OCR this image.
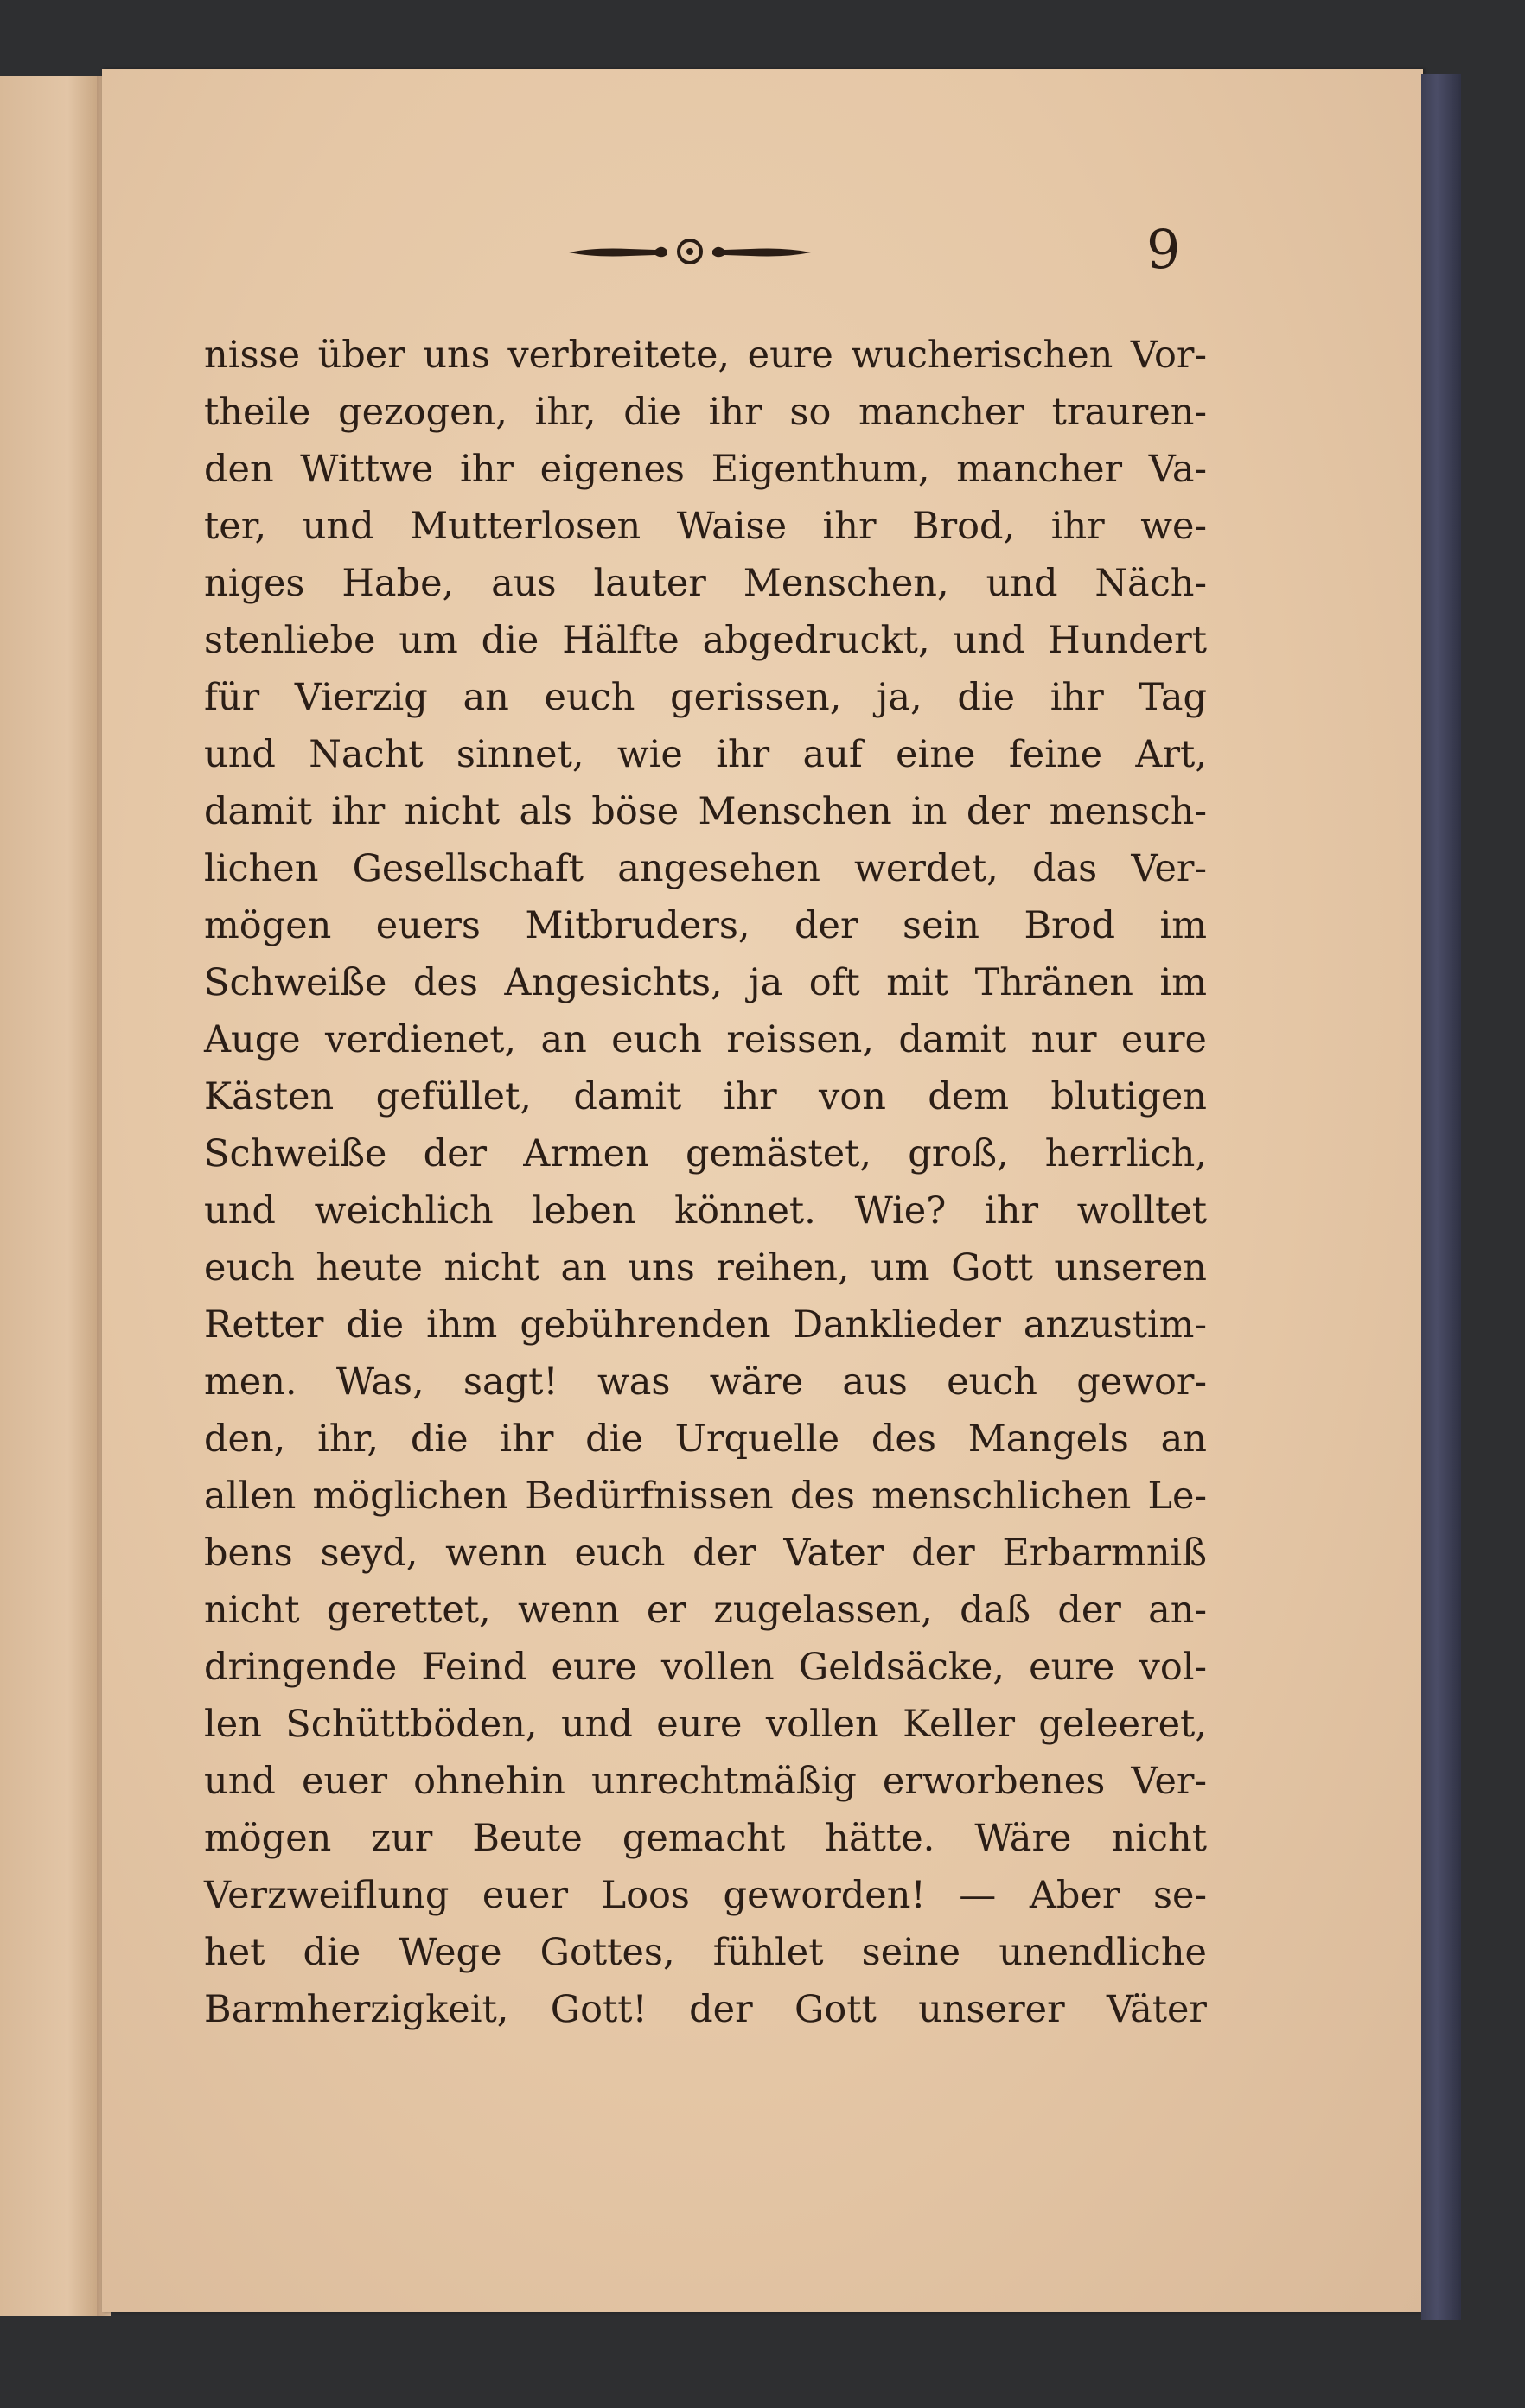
9
nisse über uns verbreitete, eure wucherischen Vor-
theile gezogen, ihr, die ihr so mancher trauren-
den Wittwe ihr eigenes Eigenthum, mancher Va-
ter, und Mutterlosen Waise ihr Brod, ihr we-
niges Habe, aus lauter Menschen, und Näch-
stenliebe um die Hälfte abgedruckt, und Hundert
für Vierzig an euch gerissen, ja, die ihr Tag
und Nacht sinnet, wie ihr auf eine feine Art,
damit ihr nicht als böse Menschen in der mensch-
lichen Gesellschaft angesehen werdet, das Ver-
mögen euers Mitbruders, der sein Brod im
Schweiße des Angesichts, ja oft mit Thränen im
Auge verdienet, an euch reissen, damit nur eure
Kästen gefüllet, damit ihr von dem blutigen
Schweiße der Armen gemästet, groß, herrlich,
und weichlich leben könnet. Wie? ihr wolltet
euch heute nicht an uns reihen, um Gott unseren
Retter die ihm gebührenden Danklieder anzustim-
men. Was, sagt! was wäre aus euch gewor-
den, ihr, die ihr die Urquelle des Mangels an
allen möglichen Bedürfnissen des menschlichen Le-
bens seyd, wenn euch der Vater der Erbarmniß
nicht gerettet, wenn er zugelassen, daß der an-
dringende Feind eure vollen Geldsäcke, eure vol-
len Schüttböden, und eure vollen Keller geleeret,
und euer ohnehin unrechtmäßig erworbenes Ver-
mögen zur Beute gemacht hätte. Wäre nicht
Verzweiflung euer Loos geworden! — Aber se-
het die Wege Gottes, fühlet seine unendliche
Barmherzigkeit, Gott! der Gott unserer Väter
